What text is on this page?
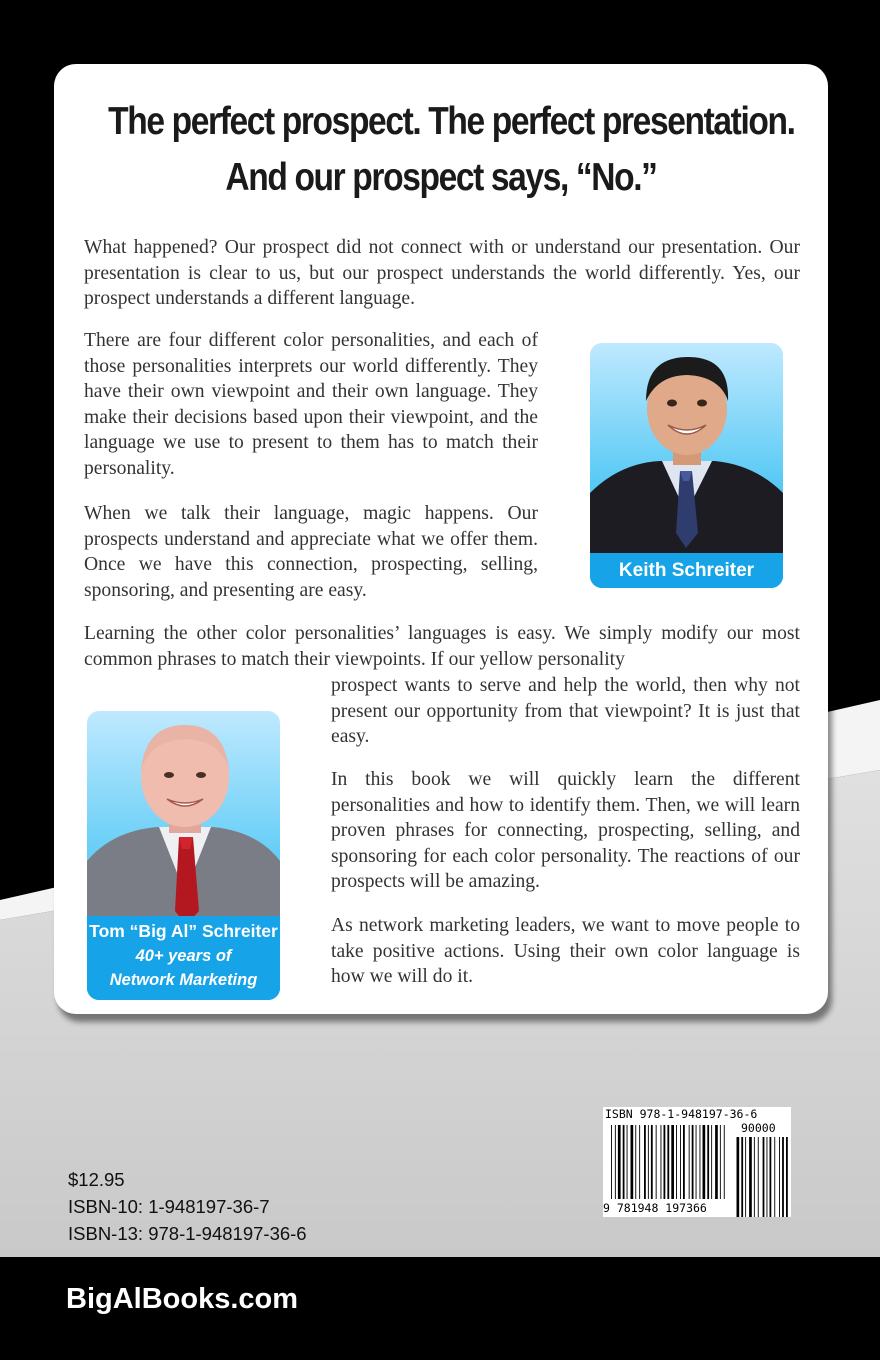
The perfect prospect. The perfect presentation.
And our prospect says, “No.”

What happened? Our prospect did not connect with or understand our presentation. Our presentation is clear to us, but our prospect understands the world differently. Yes, our prospect understands a different language.

There are four different color personalities, and each of those personalities interprets our world differently. They have their own viewpoint and their own language. They make their decisions based upon their viewpoint, and the language we use to present to them has to match their personality.

When we talk their language, magic happens. Our prospects understand and appreciate what we offer them. Once we have this connection, prospecting, selling, sponsoring, and presenting are easy.

Learning the other color personalities’ languages is easy. We simply modify our most common phrases to match their viewpoints. If our yellow personality

prospect wants to serve and help the world, then why not present our opportunity from that viewpoint? It is just that easy.

In this book we will quickly learn the different personalities and how to identify them. Then, we will learn proven phrases for connecting, prospecting, selling, and sponsoring for each color personality. The reactions of our prospects will be amazing.

As network marketing leaders, we want to move people to take positive actions. Using their own color language is how we will do it.

Keith Schreiter
Tom “Big Al” Schreiter
40+ years of
Network Marketing
$12.95
ISBN-10: 1-948197-36-7
ISBN-13: 978-1-948197-36-6
ISBN 978-1-948197-36-6
90000
9 781948 197366
BigAlBooks.com
